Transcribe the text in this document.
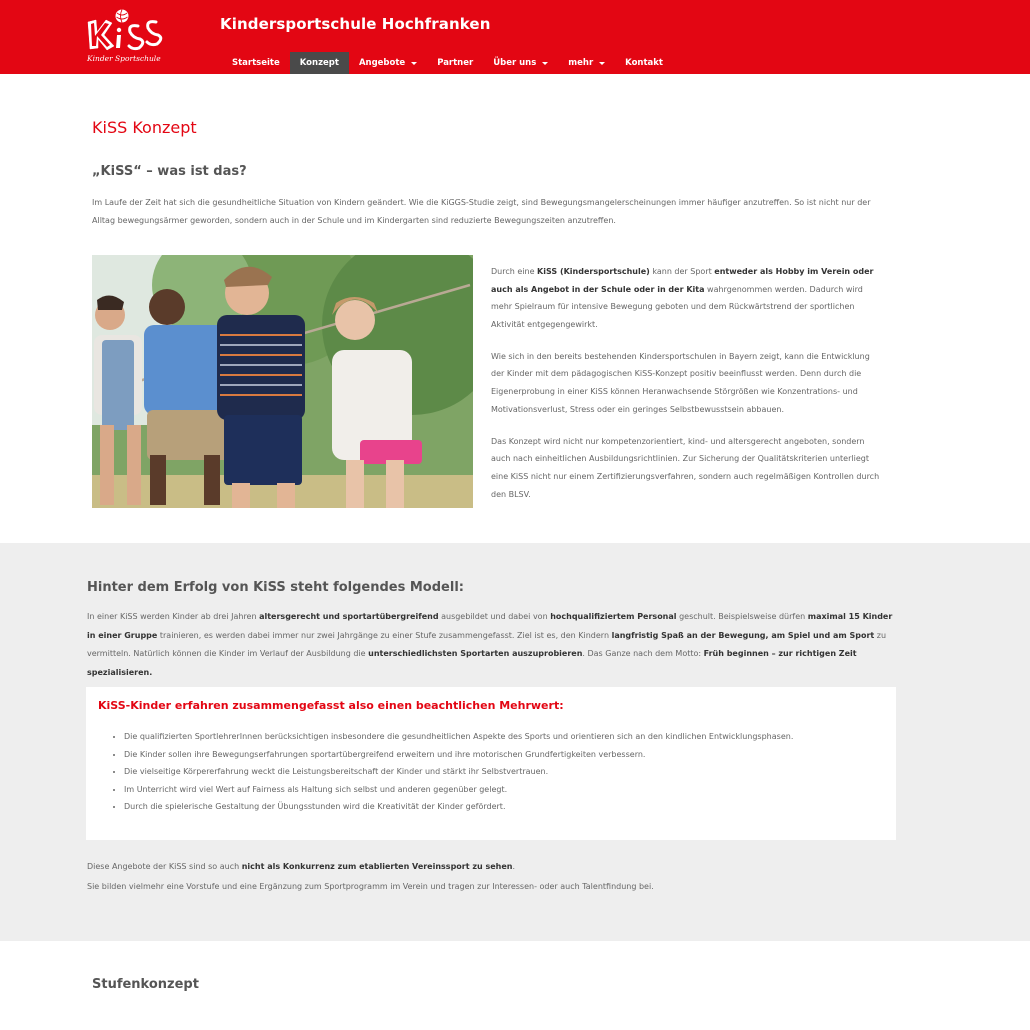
Kinder Sportschule
Kindersportschule Hochfranken
Startseite Konzept Angebote	Partner Über uns	mehr	Kontakt
KiSS Konzept
„KiSS“ – was ist das?

Im Laufe der Zeit hat sich die gesundheitliche Situation von Kindern geändert. Wie die KiGGS-Studie zeigt, sind Bewegungsmangelerscheinungen immer häufiger anzutreffen. So ist nicht nur der Alltag bewegungsärmer geworden, sondern auch in der Schule und im Kindergarten sind reduzierte Bewegungszeiten anzutreffen.

Durch eine KiSS (Kindersportschule) kann der Sport entweder als Hobby im Verein oder auch als Angebot in der Schule oder in der Kita wahrgenommen werden. Dadurch wird mehr Spielraum für intensive Bewegung geboten und dem Rückwärtstrend der sportlichen Aktivität entgegengewirkt.

Wie sich in den bereits bestehenden Kindersportschulen in Bayern zeigt, kann die Entwicklung der Kinder mit dem pädagogischen KiSS-Konzept positiv beeinflusst werden. Denn durch die Eigenerprobung in einer KiSS können Heranwachsende Störgrößen wie Konzentrations- und Motivationsverlust, Stress oder ein geringes Selbstbewusstsein abbauen.

Das Konzept wird nicht nur kompetenzorientiert, kind- und altersgerecht angeboten, sondern auch nach einheitlichen Ausbildungsrichtlinien. Zur Sicherung der Qualitätskriterien unterliegt eine KiSS nicht nur einem Zertifizierungsverfahren, sondern auch regelmäßigen Kontrollen durch den BLSV.

Hinter dem Erfolg von KiSS steht folgendes Modell:

In einer KiSS werden Kinder ab drei Jahren altersgerecht und sportartübergreifend ausgebildet und dabei von hochqualifiziertem Personal geschult. Beispielsweise dürfen maximal 15 Kinder in einer Gruppe trainieren, es werden dabei immer nur zwei Jahrgänge zu einer Stufe zusammengefasst. Ziel ist es, den Kindern langfristig Spaß an der Bewegung, am Spiel und am Sport zu vermitteln. Natürlich können die Kinder im Verlauf der Ausbildung die unterschiedlichsten Sportarten auszuprobieren. Das Ganze nach dem Motto: Früh beginnen – zur richtigen Zeit spezialisieren.

KiSS-Kinder erfahren zusammengefasst also einen beachtlichen Mehrwert:
• Die qualifizierten SportlehrerInnen berücksichtigen insbesondere die gesundheitlichen Aspekte des Sports und orientieren sich an den kindlichen Entwicklungsphasen.
• Die Kinder sollen ihre Bewegungserfahrungen sportartübergreifend erweitern und ihre motorischen Grundfertigkeiten verbessern.
• Die vielseitige Körpererfahrung weckt die Leistungsbereitschaft der Kinder und stärkt ihr Selbstvertrauen.
• Im Unterricht wird viel Wert auf Fairness als Haltung sich selbst und anderen gegenüber gelegt.
• Durch die spielerische Gestaltung der Übungsstunden wird die Kreativität der Kinder gefördert.
Diese Angebote der KiSS sind so auch nicht als Konkurrenz zum etablierten Vereinssport zu sehen.
Sie bilden vielmehr eine Vorstufe und eine Ergänzung zum Sportprogramm im Verein und tragen zur Interessen- oder auch Talentfindung bei.
Stufenkonzept
